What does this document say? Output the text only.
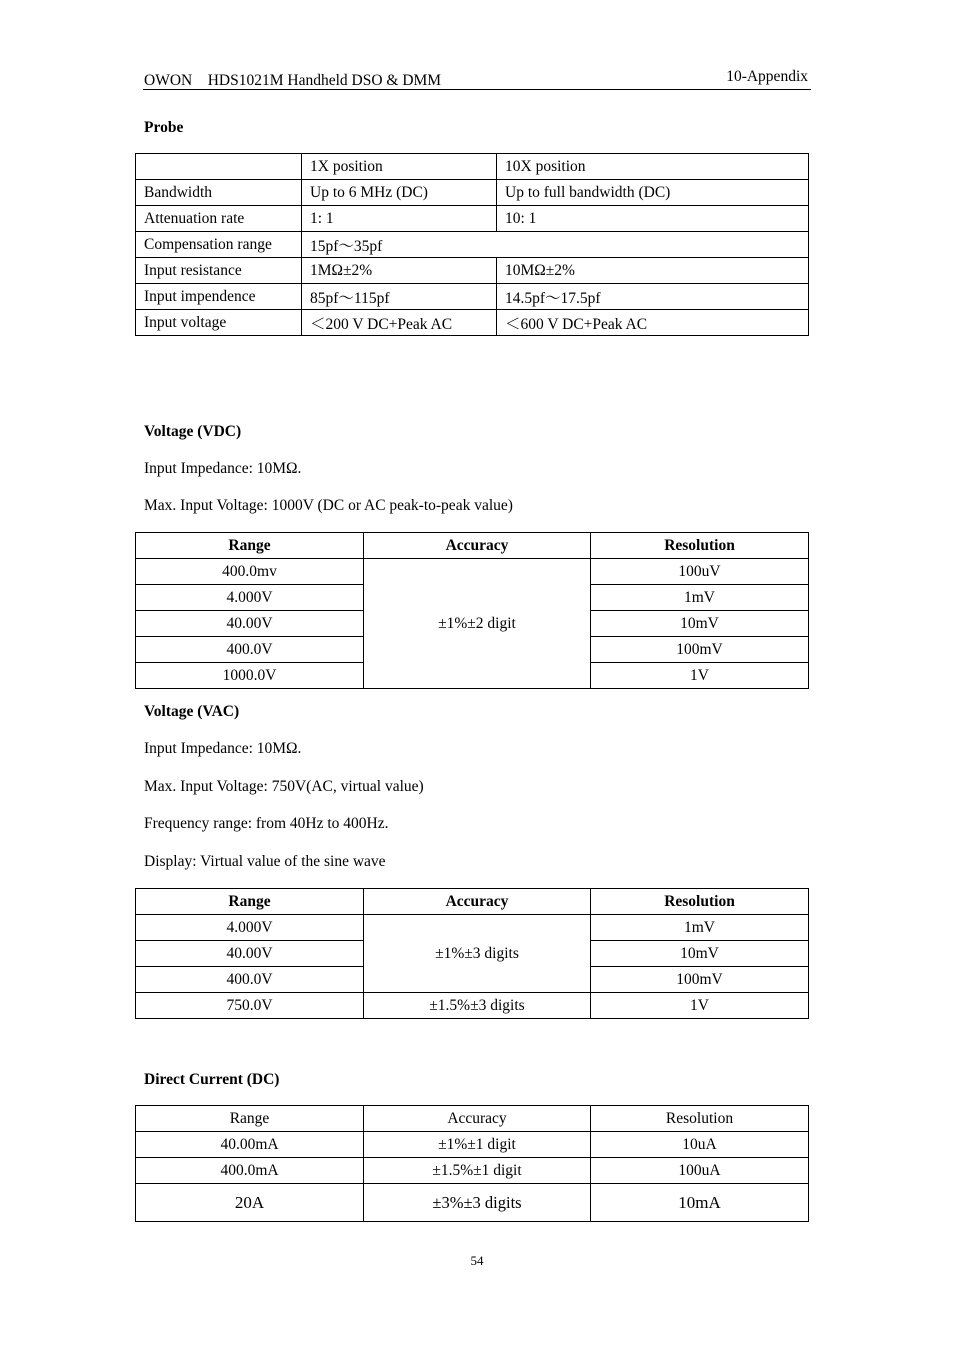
OWON　HDS1021M Handheld DSO & DMM	10-Appendix
Probe
	1X position	10X position
Bandwidth	Up to 6 MHz (DC)	Up to full bandwidth (DC)
Attenuation rate	1: 1	10: 1
Compensation range	15pf～35pf	
Input resistance	1MΩ±2%	10MΩ±2%
Input impendence	85pf～115pf	14.5pf～17.5pf
Input voltage	＜200 V DC+Peak AC	＜600 V DC+Peak AC
Voltage (VDC)
Input Impedance: 10MΩ.
Max. Input Voltage: 1000V (DC or AC peak-to-peak value)
Range	Accuracy	Resolution
400.0mv	±1%±2 digit	100uV
4.000V		1mV
40.00V		10mV
400.0V		100mV
1000.0V		1V
Voltage (VAC)
Input Impedance: 10MΩ.
Max. Input Voltage: 750V(AC, virtual value)
Frequency range: from 40Hz to 400Hz.
Display: Virtual value of the sine wave
Range	Accuracy	Resolution
4.000V	±1%±3 digits	1mV
40.00V		10mV
400.0V		100mV
750.0V	±1.5%±3 digits	1V
Direct Current (DC)
Range	Accuracy	Resolution
40.00mA	±1%±1 digit	10uA
400.0mA	±1.5%±1 digit	100uA
20A	±3%±3 digits	10mA
54
